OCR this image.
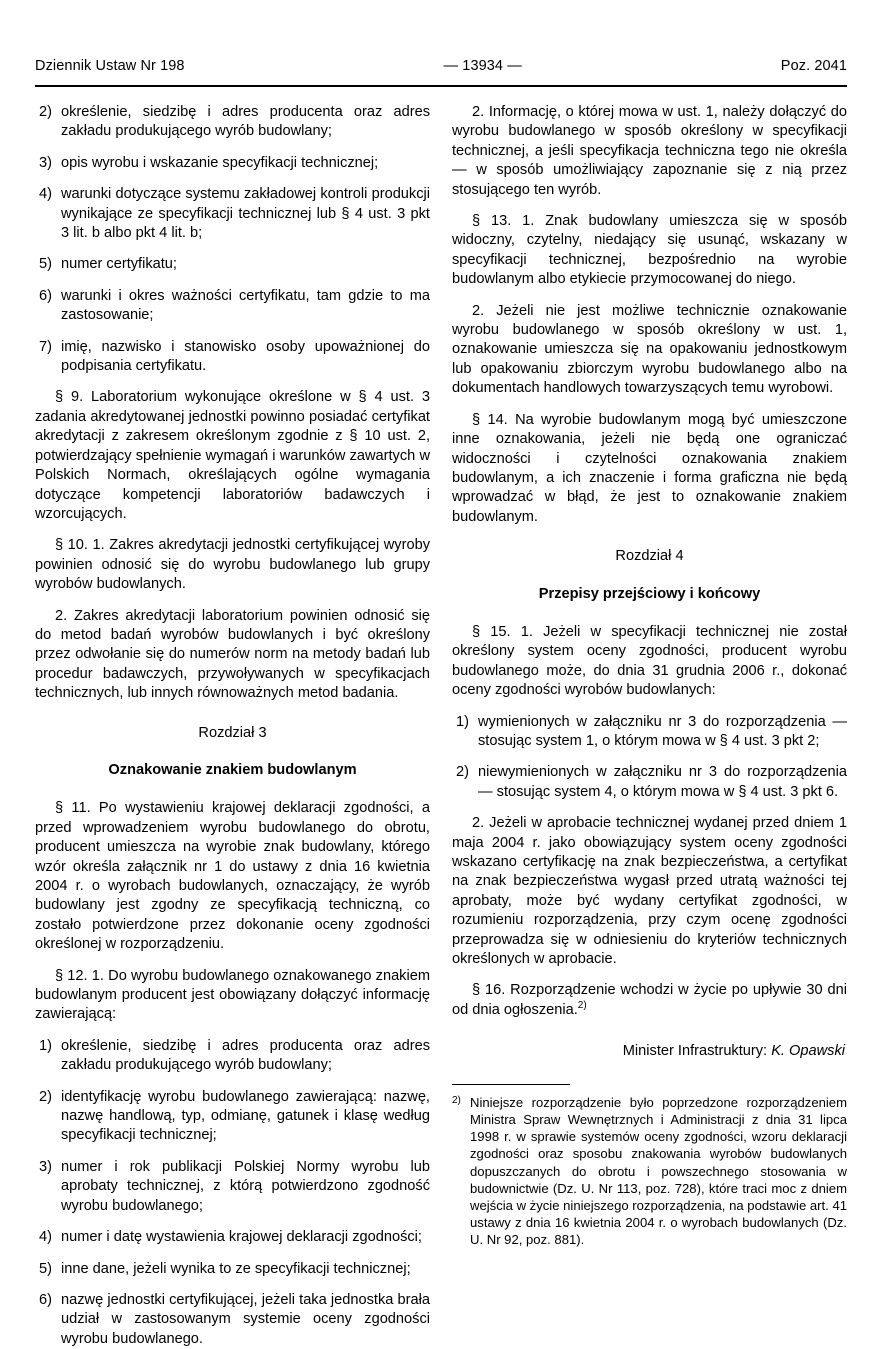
Dziennik Ustaw Nr 198	— 13934 —	Poz. 2041
2) określenie, siedzibę i adres producenta oraz adres zakładu produkującego wyrób budowlany;
3) opis wyrobu i wskazanie specyfikacji technicznej;
4) warunki dotyczące systemu zakładowej kontroli produkcji wynikające ze specyfikacji technicznej lub § 4 ust. 3 pkt 3 lit. b albo pkt 4 lit. b;
5) numer certyfikatu;
6) warunki i okres ważności certyfikatu, tam gdzie to ma zastosowanie;
7) imię, nazwisko i stanowisko osoby upoważnionej do podpisania certyfikatu.

§ 9. Laboratorium wykonujące określone w § 4 ust. 3 zadania akredytowanej jednostki powinno posiadać certyfikat akredytacji z zakresem określonym zgodnie z § 10 ust. 2, potwierdzający spełnienie wymagań i warunków zawartych w Polskich Normach, określających ogólne wymagania dotyczące kompetencji laboratoriów badawczych i wzorcujących.

§ 10. 1. Zakres akredytacji jednostki certyfikującej wyroby powinien odnosić się do wyrobu budowlanego lub grupy wyrobów budowlanych.

2. Zakres akredytacji laboratorium powinien odnosić się do metod badań wyrobów budowlanych i być określony przez odwołanie się do numerów norm na metody badań lub procedur badawczych, przywoływanych w specyfikacjach technicznych, lub innych równoważnych metod badania.

Rozdział 3
Oznakowanie znakiem budowlanym

§ 11. Po wystawieniu krajowej deklaracji zgodności, a przed wprowadzeniem wyrobu budowlanego do obrotu, producent umieszcza na wyrobie znak budowlany, którego wzór określa załącznik nr 1 do ustawy z dnia 16 kwietnia 2004 r. o wyrobach budowlanych, oznaczający, że wyrób budowlany jest zgodny ze specyfikacją techniczną, co zostało potwierdzone przez dokonanie oceny zgodności określonej w rozporządzeniu.

§ 12. 1. Do wyrobu budowlanego oznakowanego znakiem budowlanym producent jest obowiązany dołączyć informację zawierającą:

1) określenie, siedzibę i adres producenta oraz adres zakładu produkującego wyrób budowlany;
2) identyfikację wyrobu budowlanego zawierającą: nazwę, nazwę handlową, typ, odmianę, gatunek i klasę według specyfikacji technicznej;
3) numer i rok publikacji Polskiej Normy wyrobu lub aprobaty technicznej, z którą potwierdzono zgodność wyrobu budowlanego;
4) numer i datę wystawienia krajowej deklaracji zgodności;
5) inne dane, jeżeli wynika to ze specyfikacji technicznej;
6) nazwę jednostki certyfikującej, jeżeli taka jednostka brała udział w zastosowanym systemie oceny zgodności wyrobu budowlanego.

2. Informację, o której mowa w ust. 1, należy dołączyć do wyrobu budowlanego w sposób określony w specyfikacji technicznej, a jeśli specyfikacja techniczna tego nie określa — w sposób umożliwiający zapoznanie się z nią przez stosującego ten wyrób.

§ 13. 1. Znak budowlany umieszcza się w sposób widoczny, czytelny, niedający się usunąć, wskazany w specyfikacji technicznej, bezpośrednio na wyrobie budowlanym albo etykiecie przymocowanej do niego.

2. Jeżeli nie jest możliwe technicznie oznakowanie wyrobu budowlanego w sposób określony w ust. 1, oznakowanie umieszcza się na opakowaniu jednostkowym lub opakowaniu zbiorczym wyrobu budowlanego albo na dokumentach handlowych towarzyszących temu wyrobowi.

§ 14. Na wyrobie budowlanym mogą być umieszczone inne oznakowania, jeżeli nie będą one ograniczać widoczności i czytelności oznakowania znakiem budowlanym, a ich znaczenie i forma graficzna nie będą wprowadzać w błąd, że jest to oznakowanie znakiem budowlanym.

Rozdział 4
Przepisy przejściowy i końcowy

§ 15. 1. Jeżeli w specyfikacji technicznej nie został określony system oceny zgodności, producent wyrobu budowlanego może, do dnia 31 grudnia 2006 r., dokonać oceny zgodności wyrobów budowlanych:

1) wymienionych w załączniku nr 3 do rozporządzenia — stosując system 1, o którym mowa w § 4 ust. 3 pkt 2;
2) niewymienionych w załączniku nr 3 do rozporządzenia — stosując system 4, o którym mowa w § 4 ust. 3 pkt 6.

2. Jeżeli w aprobacie technicznej wydanej przed dniem 1 maja 2004 r. jako obowiązujący system oceny zgodności wskazano certyfikację na znak bezpieczeństwa, a certyfikat na znak bezpieczeństwa wygasł przed utratą ważności tej aprobaty, może być wydany certyfikat zgodności, w rozumieniu rozporządzenia, przy czym ocenę zgodności przeprowadza się w odniesieniu do kryteriów technicznych określonych w aprobacie.

§ 16. Rozporządzenie wchodzi w życie po upływie 30 dni od dnia ogłoszenia.$^{2)}$

Minister Infrastruktury: K. Opawski
2) Niniejsze rozporządzenie było poprzedzone rozporządzeniem Ministra Spraw Wewnętrznych i Administracji z dnia 31 lipca 1998 r. w sprawie systemów oceny zgodności, wzoru deklaracji zgodności oraz sposobu znakowania wyrobów budowlanych dopuszczanych do obrotu i powszechnego stosowania w budownictwie (Dz. U. Nr 113, poz. 728), które traci moc z dniem wejścia w życie niniejszego rozporządzenia, na podstawie art. 41 ustawy z dnia 16 kwietnia 2004 r. o wyrobach budowlanych (Dz. U. Nr 92, poz. 881).
